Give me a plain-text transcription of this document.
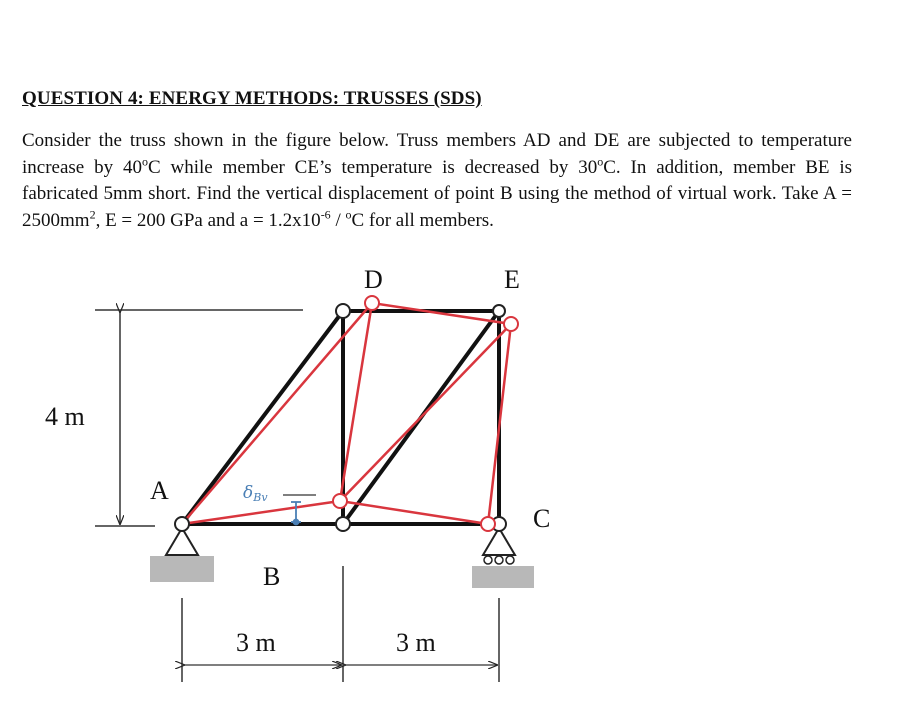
QUESTION 4: ENERGY METHODS: TRUSSES (SDS)
Consider the truss shown in the figure below. Truss members AD and DE are subjected to temperature increase by 40$^o$C while member CE’s temperature is decreased by 30$^o$C. In addition, member BE is fabricated 5mm short. Find the vertical displacement of point B using the method of virtual work. Take $A = 2500mm^2$, E = 200 GPa and $a = 1.2x10^{-6} / ^oC$ for all members.
4 m
3 m	3 m
δBv
A
B
C
D	E
